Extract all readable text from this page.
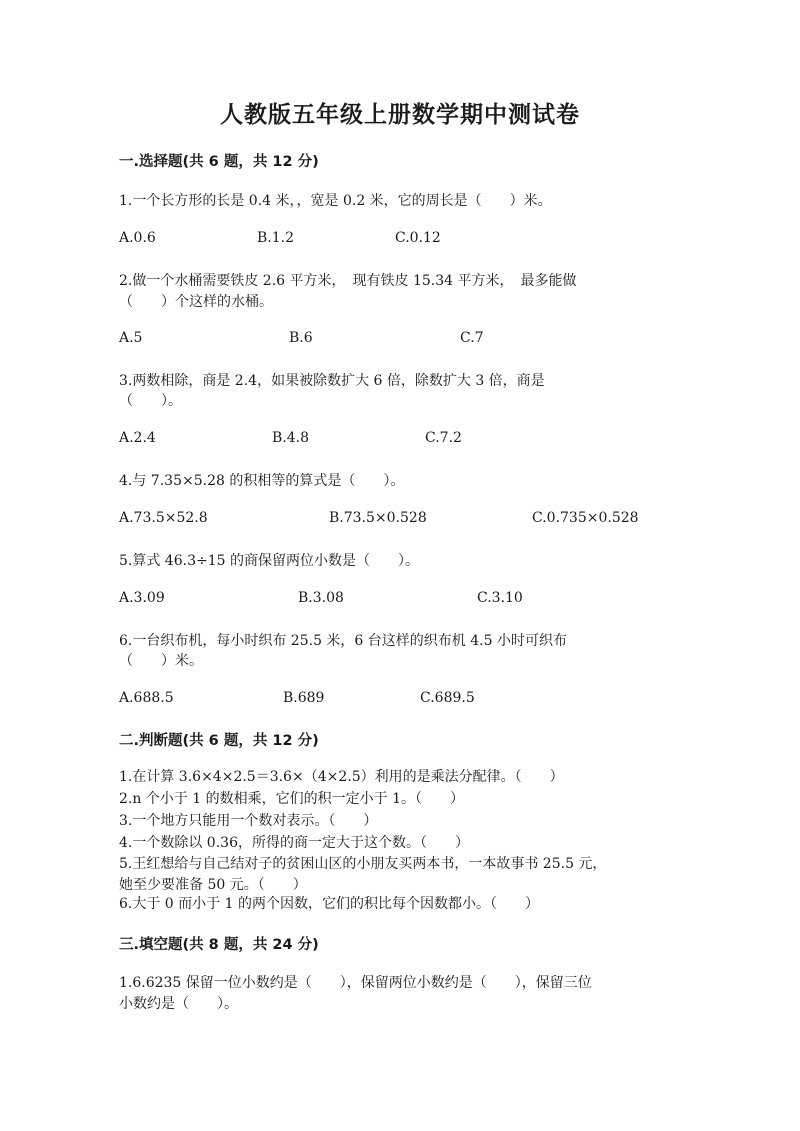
人教版五年级上册数学期中测试卷
一.选择题(共 6 题，共 12 分)
1.一个长方形的长是 0.4 米，，宽是 0.2 米，它的周长是（　　）米。
A.0.6	B.1.2	C.0.12
2.做一个水桶需要铁皮 2.6 平方米，　现有铁皮 15.34 平方米，　最多能做
（　　）个这样的水桶。
A.5	B.6	C.7
3.两数相除，商是 2.4，如果被除数扩大 6 倍，除数扩大 3 倍，商是
（　　）。
A.2.4	B.4.8	C.7.2
4.与 7.35×5.28 的积相等的算式是（　　）。
A.73.5×52.8	B.73.5×0.528	C.0.735×0.528
5.算式 46.3÷15 的商保留两位小数是（　　）。
A.3.09	B.3.08	C.3.10
6.一台织布机，每小时织布 25.5 米，6 台这样的织布机 4.5 小时可织布
（　　）米。
A.688.5	B.689	C.689.5
二.判断题(共 6 题，共 12 分)
1.在计算 3.6×4×2.5＝3.6×（4×2.5）利用的是乘法分配律。（　　）
2.n 个小于 1 的数相乘，它们的积一定小于 1。（　　）
3.一个地方只能用一个数对表示。（　　）
4.一个数除以 0.36，所得的商一定大于这个数。（　　）
5.王红想给与自己结对子的贫困山区的小朋友买两本书，一本故事书 25.5 元，
她至少要准备 50 元。（　　）
6.大于 0 而小于 1 的两个因数，它们的积比每个因数都小。（　　）
三.填空题(共 8 题，共 24 分)
1.6.6235 保留一位小数约是（　　），保留两位小数约是（　　），保留三位
小数约是（　　）。
